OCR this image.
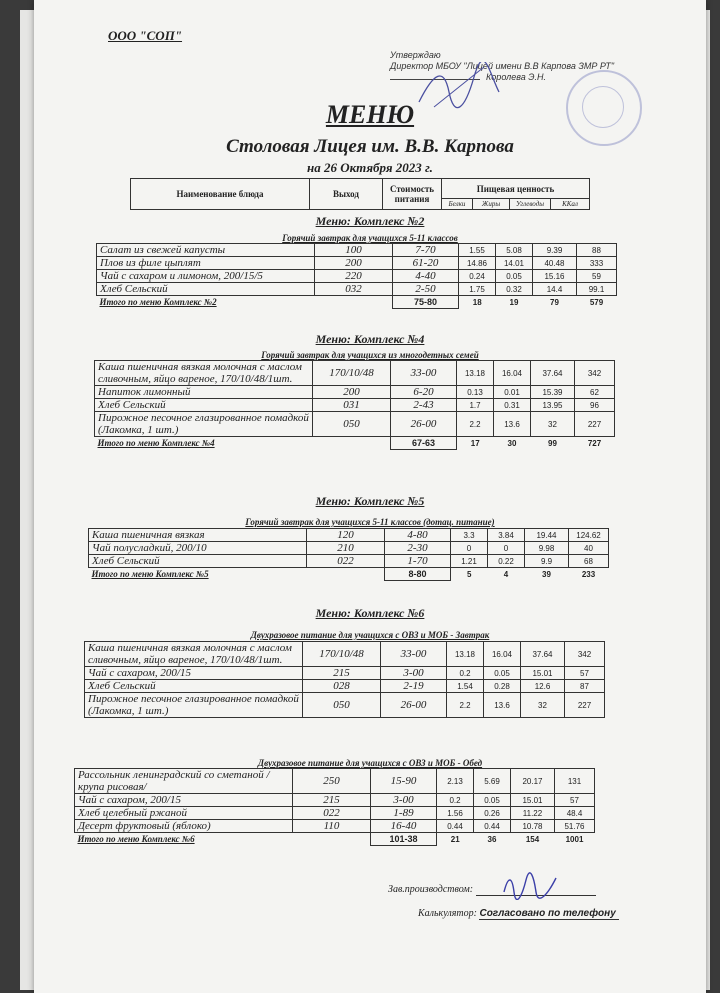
ООО "СОП"
Утверждаю
Директор МБОУ "Лицей имени В.В Карпова ЗМР РТ"
Королева Э.Н.
МЕНЮ
Столовая Лицея им. В.В. Карпова
на 26 Октября 2023 г.
Наименование блюда	Выход	Стоимость питания	Пищевая ценность			
			Белки	Жиры	Углеводы	ККал
Меню: Комплекс №2
Горячий завтрак для учащихся 5-11 классов
Салат из свежей капусты	100	7-70	1.55	5.08	9.39	88
Плов из филе цыплят	200	61-20	14.86	14.01	40.48	333
Чай с сахаром и лимоном, 200/15/5	220	4-40	0.24	0.05	15.16	59
Хлеб Сельский	032	2-50	1.75	0.32	14.4	99.1
Итого по меню Комплекс №2		75-80	18	19	79	579
Меню: Комплекс №4
Горячий завтрак для учащихся из многодетных семей
Каша пшеничная вязкая молочная с маслом сливочным, яйцо вареное, 170/10/48/1шт.	170/10/48	33-00	13.18	16.04	37.64	342
Напиток лимонный	200	6-20	0.13	0.01	15.39	62
Хлеб Сельский	031	2-43	1.7	0.31	13.95	96
Пирожное песочное глазированное помадкой (Лакомка, 1 шт.)	050	26-00	2.2	13.6	32	227
Итого по меню Комплекс №4		67-63	17	30	99	727
Меню: Комплекс №5
Горячий завтрак для учащихся 5-11 классов (дотац. питание)
Каша пшеничная вязкая	120	4-80	3.3	3.84	19.44	124.62
Чай полусладкий, 200/10	210	2-30	0	0	9.98	40
Хлеб Сельский	022	1-70	1.21	0.22	9.9	68
Итого по меню Комплекс №5		8-80	5	4	39	233
Меню: Комплекс №6
Двухразовое питание для учащихся с ОВЗ и МОБ - Завтрак
Каша пшеничная вязкая молочная с маслом сливочным, яйцо вареное, 170/10/48/1шт.	170/10/48	33-00	13.18	16.04	37.64	342
Чай с сахаром, 200/15	215	3-00	0.2	0.05	15.01	57
Хлеб Сельский	028	2-19	1.54	0.28	12.6	87
Пирожное песочное глазированное помадкой (Лакомка, 1 шт.)	050	26-00	2.2	13.6	32	227
Двухразовое питание для учащихся с ОВЗ и МОБ - Обед
Рассольник ленинградский со сметаной /крупа рисовая/	250	15-90	2.13	5.69	20.17	131
Чай с сахаром, 200/15	215	3-00	0.2	0.05	15.01	57
Хлеб целебный ржаной	022	1-89	1.56	0.26	11.22	48.4
Десерт фруктовый (яблоко)	110	16-40	0.44	0.44	10.78	51.76
Итого по меню Комплекс №6		101-38	21	36	154	1001
Зав.производством:
Калькулятор: Согласовано по телефону
